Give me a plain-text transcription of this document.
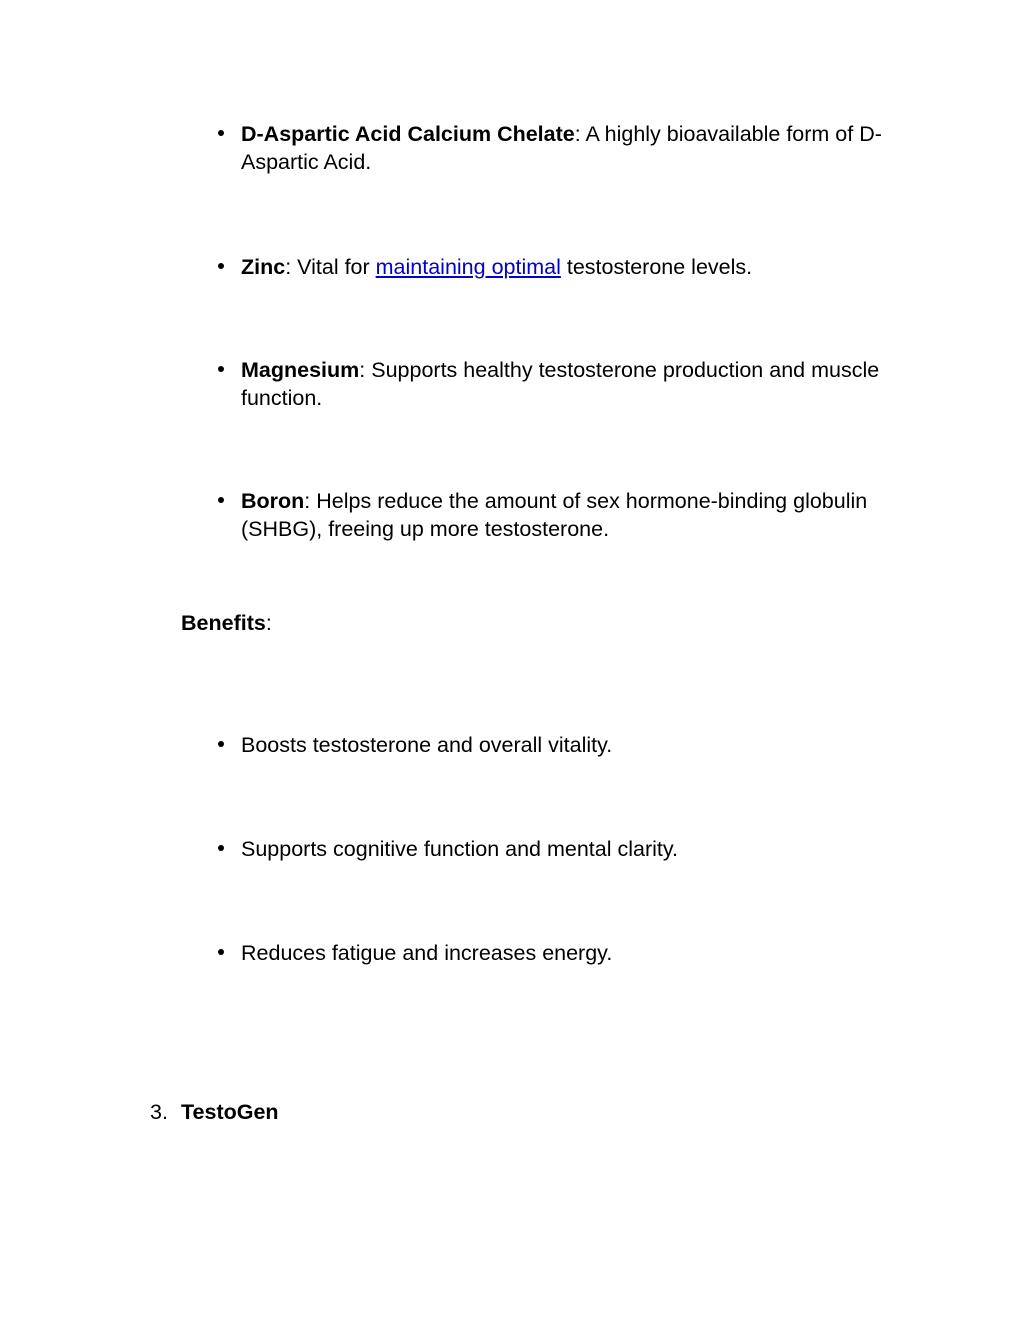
D-Aspartic Acid Calcium Chelate: A highly bioavailable form of D-Aspartic Acid.
Zinc: Vital for maintaining optimal testosterone levels.
Magnesium: Supports healthy testosterone production and muscle function.
Boron: Helps reduce the amount of sex hormone-binding globulin (SHBG), freeing up more testosterone.
Benefits:
Boosts testosterone and overall vitality.
Supports cognitive function and mental clarity.
Reduces fatigue and increases energy.
3. TestoGen
